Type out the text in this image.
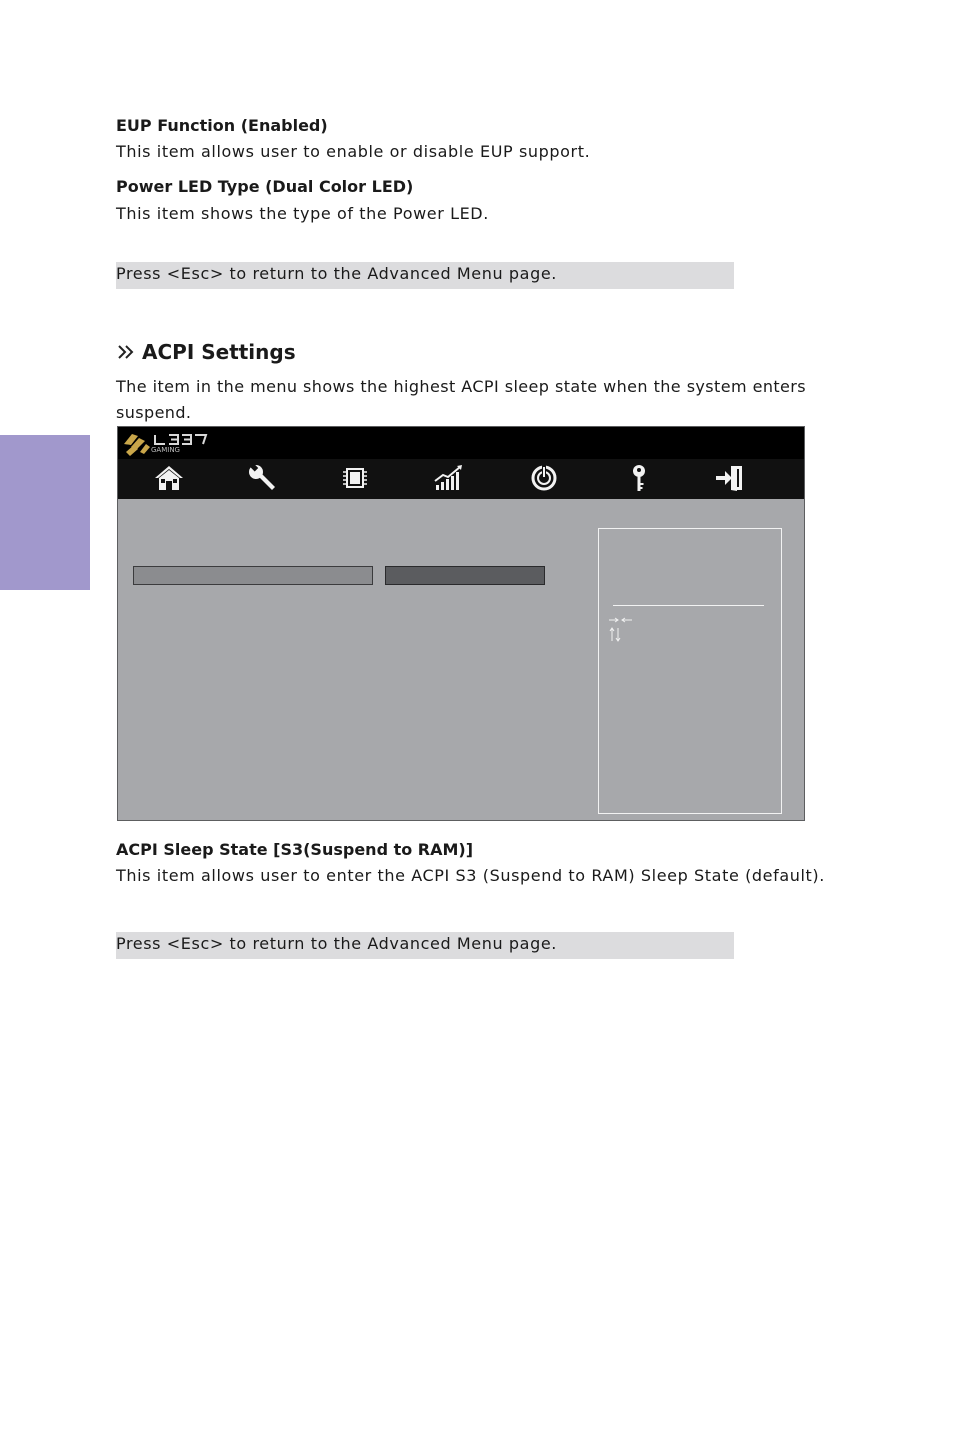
EUP Function (Enabled)
This item allows user to enable or disable EUP support.
Power LED Type (Dual Color LED)
This item shows the type of the Power LED.
Press <Esc> to return to the Advanced Menu page.
ACPI Settings
The item in the menu shows the highest ACPI sleep state when the system enters suspend.
GAMING
ACPI Sleep State [S3(Suspend to RAM)]
This item allows user to enter the ACPI S3 (Suspend to RAM) Sleep State (default).
Press <Esc> to return to the Advanced Menu page.
